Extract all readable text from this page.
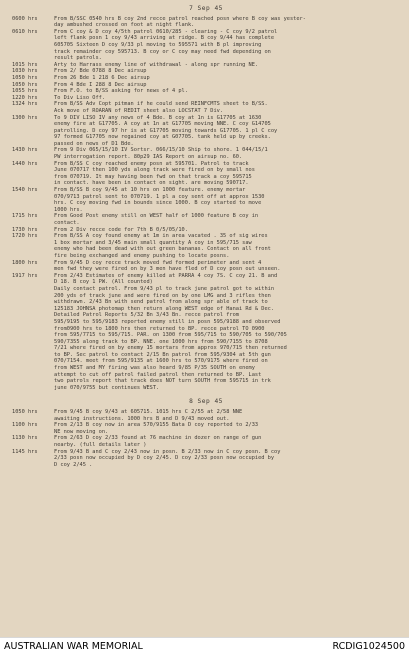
7 Sep 45
0600 hrs	From B/SSC 0540 hrs B coy 2nd recce patrol reached posn where B coy was yester-
day ambushed crossed on foot at night flank.
0610 hrs	From C coy & D coy 4/5th patrol 0610/285 - clearing - C coy 9/2 patrol
left flank posn 1 coy 9/43 arriving at ridge. B coy 9/44 has complete
605705 Sixteen D coy 9/33 pl moving to 595571 with B pl improving
track remainder coy 595713. B coy or C coy may need fwd depending on
result patrols.
1015 hrs	Arty to Harrass enemy line of withdrawal - along spr running NE.
1030 hrs	From 2/ Bde 0788 8 Dec airsup
1050 hrs	From 26 Bde 1 218 6 Dec airsup
1050 hrs	From 4 Bde I 288 8 Dec airsup
1055 hrs	From F.O. to B/SS asking for news of 4 pl.
1220 hrs	To Div Liso Off.
1324 hrs	From B/SS Adv Copt pitman if he could send REINFCMTS sheet to B/SS.
Ack move of ROARAN of REDIT sheet also LOCSTAT 7 Div.
1300 hrs	To 9 DIV LISO IV any news of 4 Bde. B coy at 1n is G17705 at 1630
enemy fire at G17705. A coy at 1n at G17705 moving NNE. C coy G14705
patrolling. D coy 97 hr is at G17705 moving towards G17705. 1 pl C coy
97 formed G17705 now regained coy at G07705. tank held up by creeks.
passed on news of D1 Bde.
1430 hrs	From 9 Div 065/15/10 IV Sortsr. 066/15/10 Ship to shore. 1 044/15/1
PW interrogation report. 80p29 IAS Report on airsup no. 60.
1440 hrs	From B/SS C coy reached enemy posn at 595701. Patrol to track
June 070717 then 100 yds along track were fired on by small nos
from 070719. It may having been fwd on that track a coy 595715
in contact. have been in contact on sight. are moving 590717.
1540 hrs	From B/SS B coy 9/45 at 10 hrs on 1000 feature. enemy mortar
070/9713 patrol sent to 070719. 1 pl a coy sent off at approx 1530
hrs. C coy moving fwd in bounds since 1000. B coy started to move
1000 hrs.
1715 hrs	From Good Post enemy still on WEST half of 1000 feature B coy in
contact.
1730 hrs	From 2 Div recce code for 7th B 0/5/05/10.
1720 hrs	From B/SS A coy found enemy at 1m in area vacated . 35 of sig wires
1 box mortar and 3/45 main small quantity A coy in 595/715 saw
enemy who had been dead with out green bananas. Contact on all front
fire being exchanged and enemy pushing to locate posns.
1800 hrs	From 9/45 D coy recce track moved fwd formed perimeter and sent 4
men fwd they were fired on by 3 men have fled of D coy posn out unseen.
1917 hrs	From 2/43 Estimates of enemy killed at PARRA 4 coy 7S. C coy 21. B and
D 18. B coy 1 PW. (All counted)
Daily contact patrol. From 9/43 pl to track june patrol got to within
200 yds of track june and were fired on by one LMG and 3 rifles then
withdrawn. 2/43 Bn with send patrol from along spr able of track to
125183 JOHNSA photomap then return along WEST edge of Hanai Rd & Dec.
Detailed Patrol Reports 5/32 Bn 3/43 Bn. recce patrol from
595/9195 to 595/9183 reported enemy still in posn 595/9188 and observed
from0900 hrs to 1800 hrs then returned to BP. recce patrol TO 0900
from 595/7715 to 595/715. PAR. on 1300 from 595/715 to 590/705 to 590/705
590/7355 along track to BP. NNE. one 1000 hrs from 590/7155 to 8708
7/21 where fired on by enemy 15 mortars from approx 970/715 then returned
to BP. Sec patrol to contact 2/15 Bn patrol from 595/9304 at 5th gun
070/7154. meet from 595/9135 at 1600 hrs to 570/9175 where fired on
from WEST and MY firing was also heard 9/85 P/35 SOUTH on enemy
attempt to cut off patrol failed patrol then returned to BP. Last
two patrols report that track does NOT turn SOUTH from 595715 in trk
june 070/9755 but continues WEST.
8 Sep 45
1050 hrs	From 9/45 B coy 9/43 at 605715. 1015 hrs C 2/55 at 2/58 NNE
awaiting instructions. 1000 hrs B and D 9/43 moved out.
1100 hrs	From 2/13 B coy now in area 570/9155 Bata D coy reported to 2/33
NE now moving on.
1130 hrs	From 2/63 D coy 2/33 found at 76 machine in dozer on range of gun
nearby. (full details later )
1145 hrs	From 9/43 B and C coy 2/43 now in posn. B 2/33 now in C coy posn. B coy
2/33 posn now occupied by D coy 2/45. D coy 2/33 posn now occupied by
D coy 2/45 .
AUSTRALIAN WAR MEMORIAL	RCDIG1024500
